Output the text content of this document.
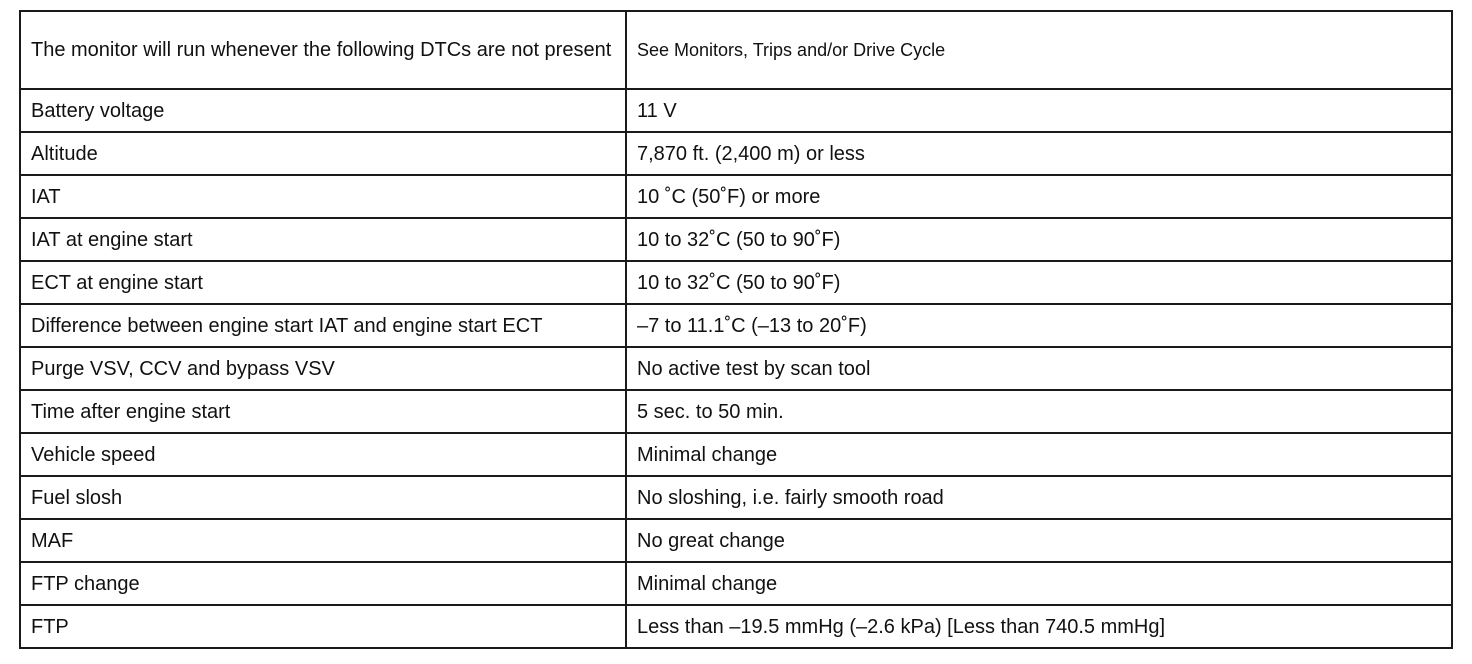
The monitor will run whenever the following DTCs are not present	See Monitors, Trips and/or Drive Cycle
Battery voltage	11 V
Altitude	7,870 ft. (2,400 m) or less
IAT	10 ˚C (50˚F) or more
IAT at engine start	10 to 32˚C (50 to 90˚F)
ECT at engine start	10 to 32˚C (50 to 90˚F)
Difference between engine start IAT and engine start ECT	–7 to 11.1˚C (–13 to 20˚F)
Purge VSV, CCV and bypass VSV	No active test by scan tool
Time after engine start	5 sec. to 50 min.
Vehicle speed	Minimal change
Fuel slosh	No sloshing, i.e. fairly smooth road
MAF	No great change
FTP change	Minimal change
FTP	Less than –19.5 mmHg (–2.6 kPa) [Less than 740.5 mmHg]
